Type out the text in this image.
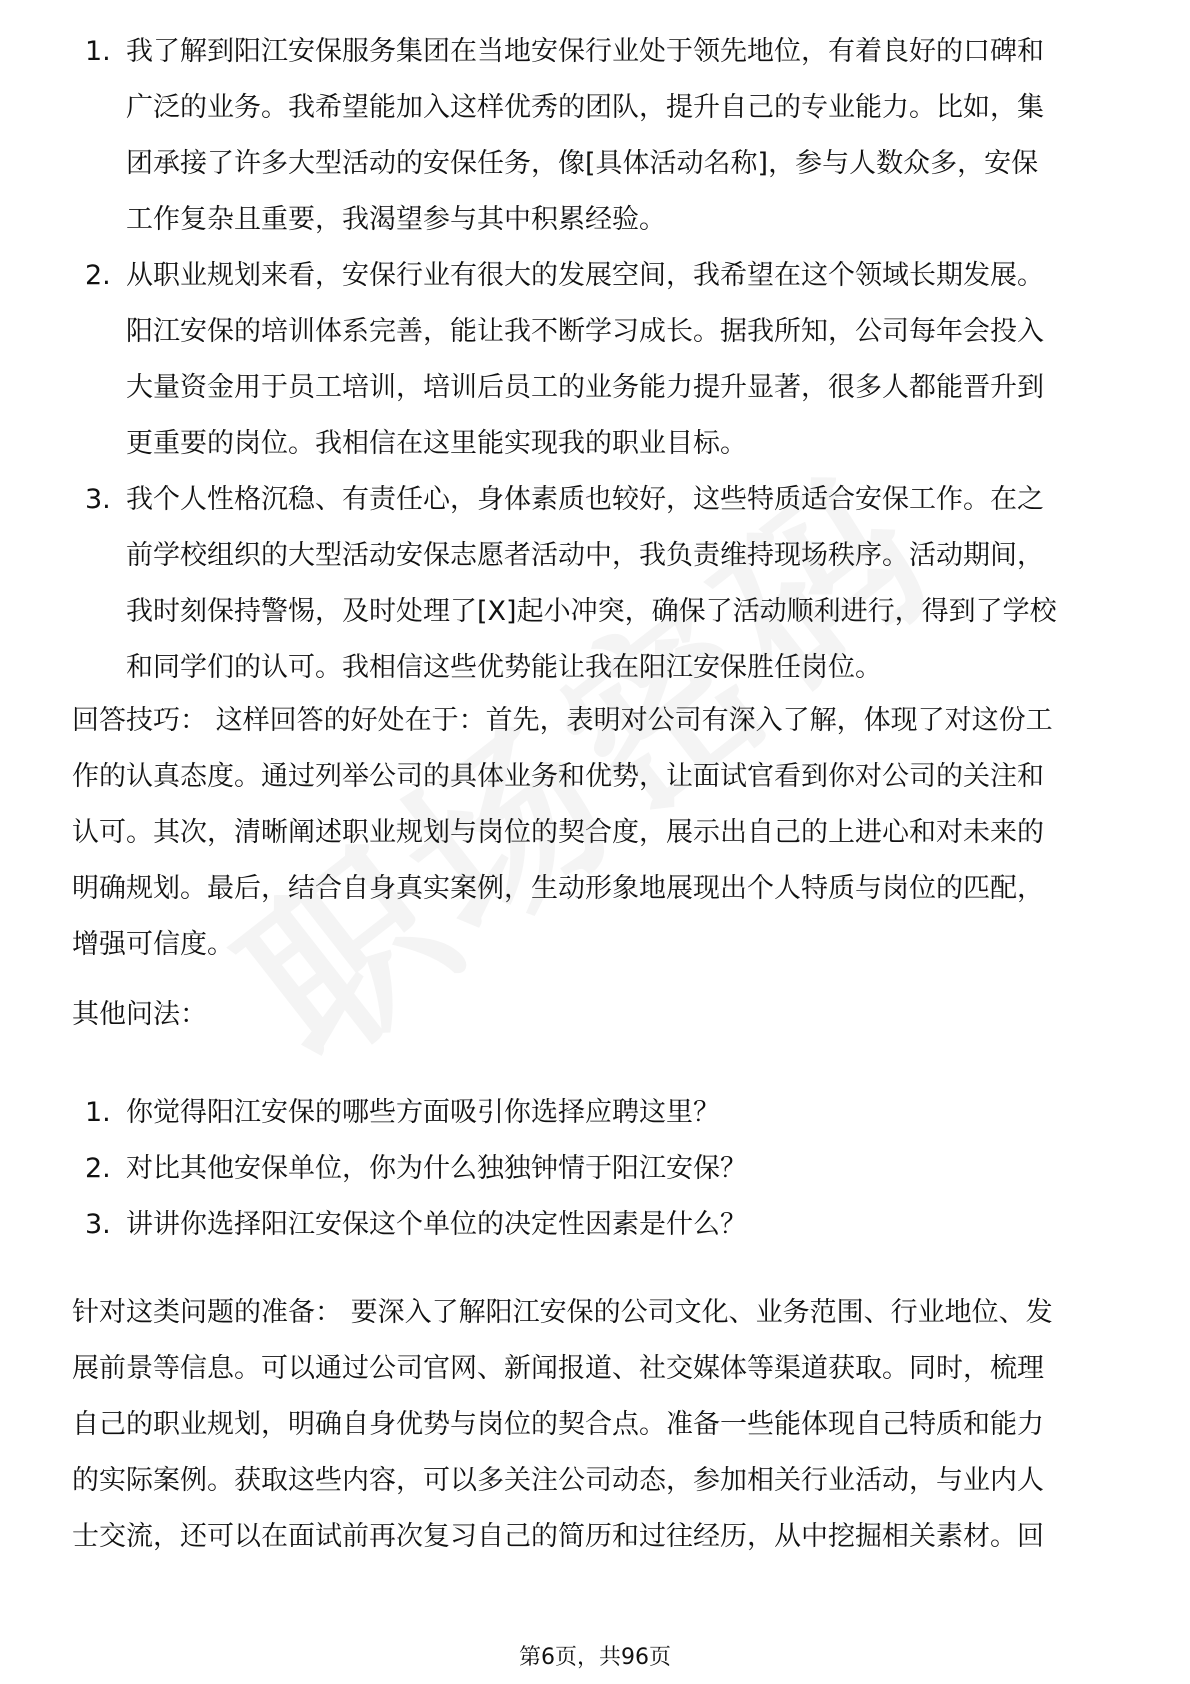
1. 我了解到阳江安保服务集团在当地安保行业处于领先地位，有着良好的口碑和
广泛的业务。我希望能加入这样优秀的团队，提升自己的专业能力。比如，集
团承接了许多大型活动的安保任务，像[具体活动名称]，参与人数众多，安保
工作复杂且重要，我渴望参与其中积累经验。
2. 从职业规划来看，安保行业有很大的发展空间，我希望在这个领域长期发展。
阳江安保的培训体系完善，能让我不断学习成长。据我所知，公司每年会投入
大量资金用于员工培训，培训后员工的业务能力提升显著，很多人都能晋升到
更重要的岗位。我相信在这里能实现我的职业目标。
3. 我个人性格沉稳、有责任心，身体素质也较好，这些特质适合安保工作。在之
前学校组织的大型活动安保志愿者活动中，我负责维持现场秩序。活动期间，
我时刻保持警惕，及时处理了[X]起小冲突，确保了活动顺利进行，得到了学校
和同学们的认可。我相信这些优势能让我在阳江安保胜任岗位。
回答技巧： 这样回答的好处在于：首先，表明对公司有深入了解，体现了对这份工
作的认真态度。通过列举公司的具体业务和优势，让面试官看到你对公司的关注和
认可。其次，清晰阐述职业规划与岗位的契合度，展示出自己的上进心和对未来的
明确规划。最后，结合自身真实案例，生动形象地展现出个人特质与岗位的匹配，
增强可信度。
其他问法：
1. 你觉得阳江安保的哪些方面吸引你选择应聘这里？
2. 对比其他安保单位，你为什么独独钟情于阳江安保？
3. 讲讲你选择阳江安保这个单位的决定性因素是什么？
针对这类问题的准备： 要深入了解阳江安保的公司文化、业务范围、行业地位、发
展前景等信息。可以通过公司官网、新闻报道、社交媒体等渠道获取。同时，梳理
自己的职业规划，明确自身优势与岗位的契合点。准备一些能体现自己特质和能力
的实际案例。获取这些内容，可以多关注公司动态，参加相关行业活动，与业内人
士交流，还可以在面试前再次复习自己的简历和过往经历，从中挖掘相关素材。回
第6页，共96页
